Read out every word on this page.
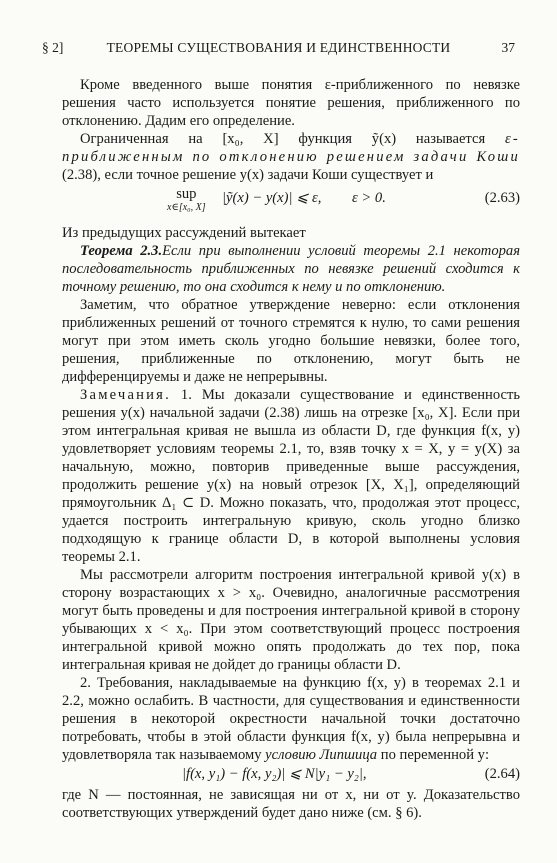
ТЕОРЕМЫ СУЩЕСТВОВАНИЯ И ЕДИНСТВЕННОСТИ
§ 2]	37

Кроме введенного выше понятия ε-приближенного по невязке решения часто используется понятие решения, приближенного по отклонению. Дадим его определение.

Ограниченная на [x₀, X] функция ỹ(x) называется ε-приближенным по отклонению решением задачи Коши (2.38), если точное решение y(x) задачи Коши существует и

sup
x∈[x₀, X]
|ỹ(x) − y(x)| ⩽ ε, ε > 0.	(2.63)

Из предыдущих рассуждений вытекает

Теорема 2.3.Если при выполнении условий теоремы 2.1 некоторая последовательность приближенных по невязке решений сходится к точному решению, то она сходится к нему и по отклонению.

Заметим, что обратное утверждение неверно: если отклонения приближенных решений от точного стремятся к нулю, то сами решения могут при этом иметь сколь угодно большие невязки, более того, решения, приближенные по отклонению, могут быть не дифференцируемы и даже не непрерывны.

Замечания. 1. Мы доказали существование и единственность решения y(x) начальной задачи (2.38) лишь на отрезке [x₀, X]. Если при этом интегральная кривая не вышла из области D, где функция f(x, y) удовлетворяет условиям теоремы 2.1, то, взяв точку x = X, y = y(X) за начальную, можно, повторив приведенные выше рассуждения, продолжить решение y(x) на новый отрезок [X, X₁], определяющий прямоугольник Δ₁ ⊂ D. Можно показать, что, продолжая этот процесс, удается построить интегральную кривую, сколь угодно близко подходящую к границе области D, в которой выполнены условия теоремы 2.1.

Мы рассмотрели алгоритм построения интегральной кривой y(x) в сторону возрастающих x > x₀. Очевидно, аналогичные рассмотрения могут быть проведены и для построения интегральной кривой в сторону убывающих x < x₀. При этом соответствующий процесс построения интегральной кривой можно опять продолжать до тех пор, пока интегральная кривая не дойдет до границы области D.

2. Требования, накладываемые на функцию f(x, y) в теоремах 2.1 и 2.2, можно ослабить. В частности, для существования и единственности решения в некоторой окрестности начальной точки достаточно потребовать, чтобы в этой области функция f(x, y) была непрерывна и удовлетворяла так называемому условию Липшица по переменной y:

|f(x, y₁) − f(x, y₂)| ⩽ N|y₁ − y₂|,	(2.64)

где N — постоянная, не зависящая ни от x, ни от y. Доказательство соответствующих утверждений будет дано ниже (см. § 6).
